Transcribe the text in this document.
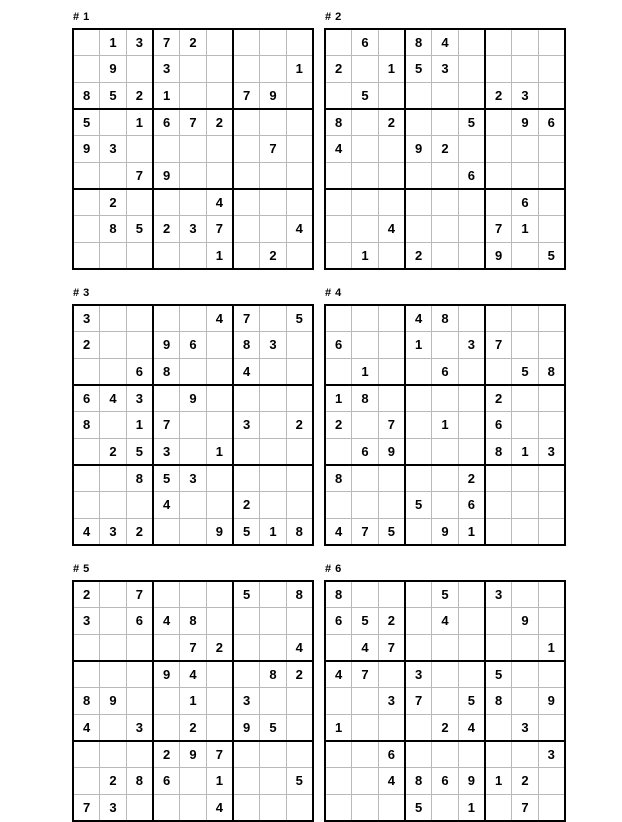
# 1
	1	3	7	2				
	9		3					1
8	5	2	1			7	9	
5		1	6	7	2			
9	3						7	
		7	9					
	2				4			
	8	5	2	3	7			4
					1		2	
# 2
	6		8	4				
2		1	5	3				
	5					2	3	
8		2			5		9	6
4			9	2				
					6			
							6	
		4				7	1	
	1		2			9		5
# 3
3					4	7		5
2			9	6		8	3	
		6	8			4		
6	4	3		9				
8		1	7			3		2
	2	5	3		1			
		8	5	3				
			4			2		
4	3	2			9	5	1	8
# 4
			4	8				
6			1		3	7		
	1			6			5	8
1	8					2		
2		7		1		6		
	6	9				8	1	3
8					2			
			5		6			
4	7	5		9	1			
# 5
2		7				5		8
3		6	4	8				
				7	2			4
			9	4			8	2
8	9			1		3		
4		3		2		9	5	
			2	9	7			
	2	8	6		1			5
7	3				4			
# 6
8				5		3		
6	5	2		4			9	
	4	7						1
4	7		3			5		
		3	7		5	8		9
1				2	4		3	
		6						3
		4	8	6	9	1	2	
			5		1		7	
